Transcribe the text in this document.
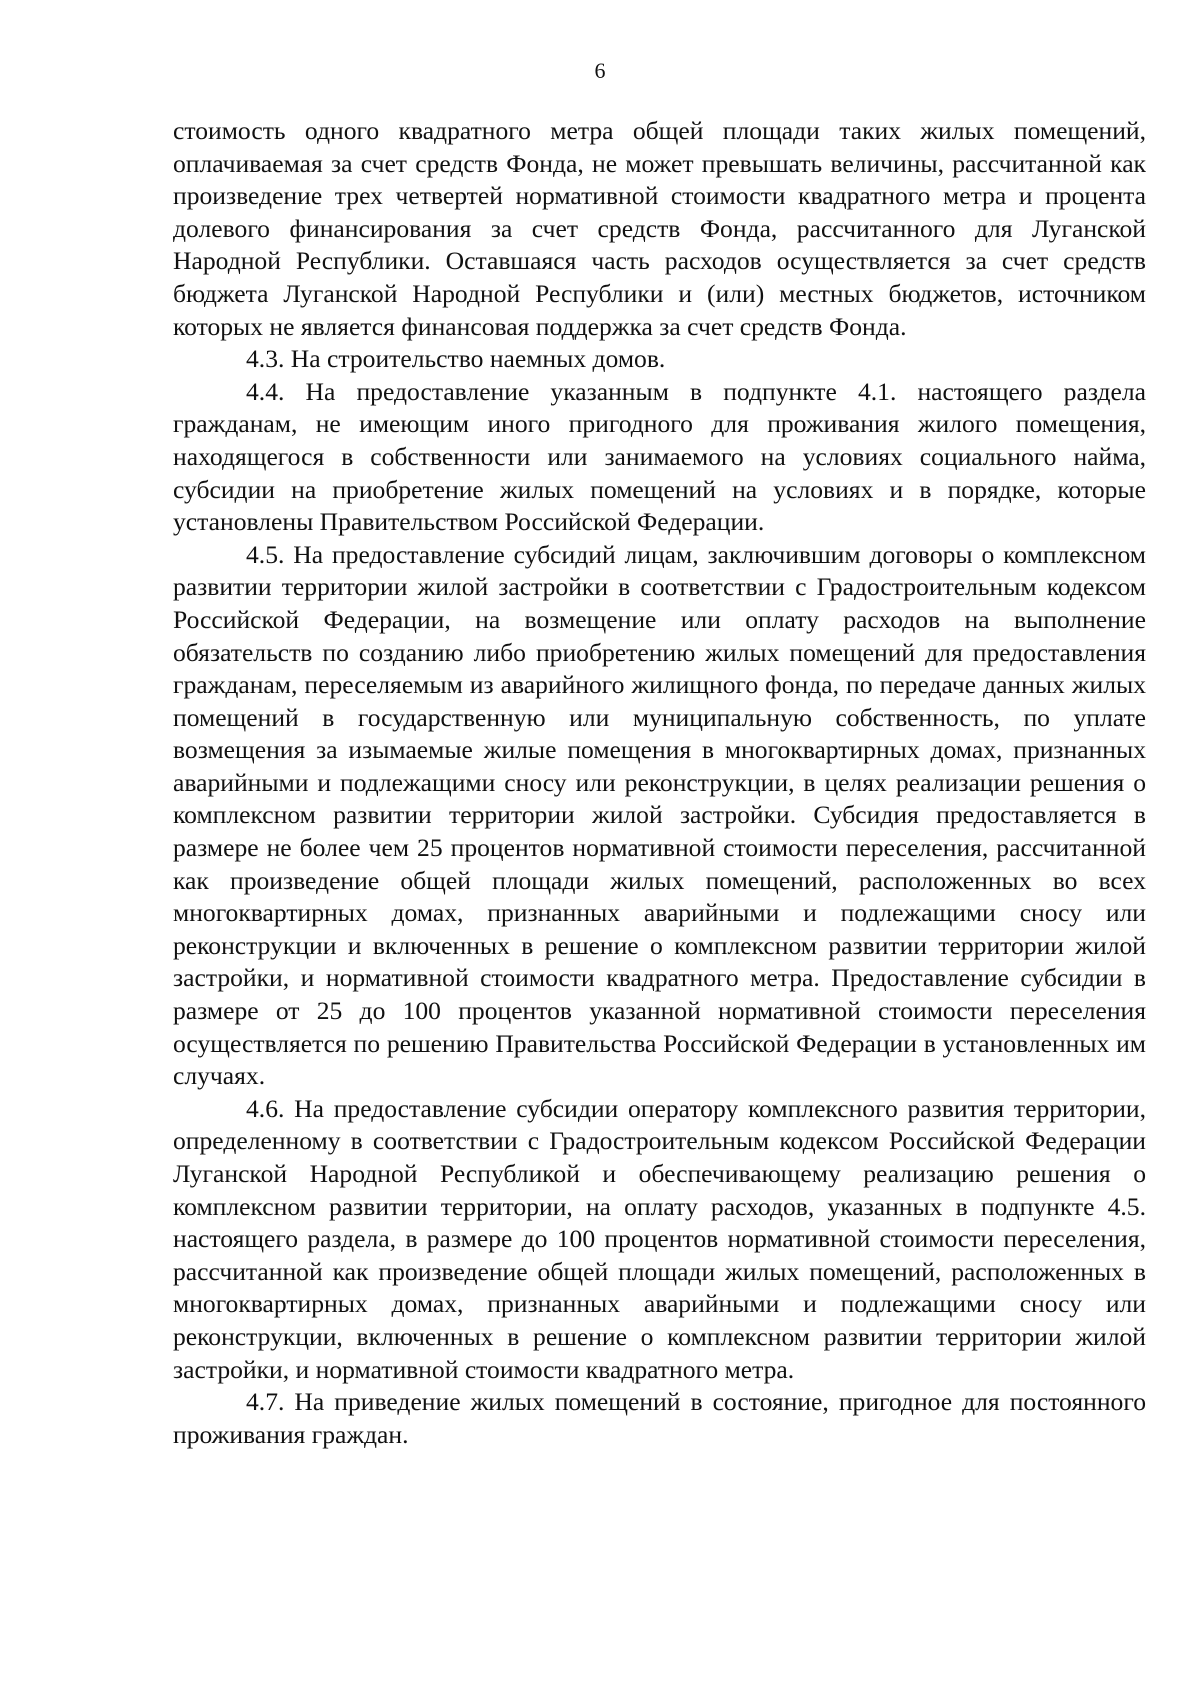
6

стоимость одного квадратного метра общей площади таких жилых помещений, оплачиваемая за счет средств Фонда, не может превышать величины, рассчитанной как произведение трех четвертей нормативной стоимости квадратного метра и процента долевого финансирования за счет средств Фонда, рассчитанного для Луганской Народной Республики. Оставшаяся часть расходов осуществляется за счет средств бюджета Луганской Народной Республики и (или) местных бюджетов, источником которых не является финансовая поддержка за счет средств Фонда.

4.3. На строительство наемных домов.

4.4. На предоставление указанным в подпункте 4.1. настоящего раздела гражданам, не имеющим иного пригодного для проживания жилого помещения, находящегося в собственности или занимаемого на условиях социального найма, субсидии на приобретение жилых помещений на условиях и в порядке, которые установлены Правительством Российской Федерации.

4.5. На предоставление субсидий лицам, заключившим договоры о комплексном развитии территории жилой застройки в соответствии с Градостроительным кодексом Российской Федерации, на возмещение или оплату расходов на выполнение обязательств по созданию либо приобретению жилых помещений для предоставления гражданам, переселяемым из аварийного жилищного фонда, по передаче данных жилых помещений в государственную или муниципальную собственность, по уплате возмещения за изымаемые жилые помещения в многоквартирных домах, признанных аварийными и подлежащими сносу или реконструкции, в целях реализации решения о комплексном развитии территории жилой застройки. Субсидия предоставляется в размере не более чем 25 процентов нормативной стоимости переселения, рассчитанной как произведение общей площади жилых помещений, расположенных во всех многоквартирных домах, признанных аварийными и подлежащими сносу или реконструкции и включенных в решение о комплексном развитии территории жилой застройки, и нормативной стоимости квадратного метра. Предоставление субсидии в размере от 25 до 100 процентов указанной нормативной стоимости переселения осуществляется по решению Правительства Российской Федерации в установленных им случаях.

4.6. На предоставление субсидии оператору комплексного развития территории, определенному в соответствии с Градостроительным кодексом Российской Федерации Луганской Народной Республикой и обеспечивающему реализацию решения о комплексном развитии территории, на оплату расходов, указанных в подпункте 4.5. настоящего раздела, в размере до 100 процентов нормативной стоимости переселения, рассчитанной как произведение общей площади жилых помещений, расположенных в многоквартирных домах, признанных аварийными и подлежащими сносу или реконструкции, включенных в решение о комплексном развитии территории жилой застройки, и нормативной стоимости квадратного метра.

4.7. На приведение жилых помещений в состояние, пригодное для постоянного проживания граждан.
